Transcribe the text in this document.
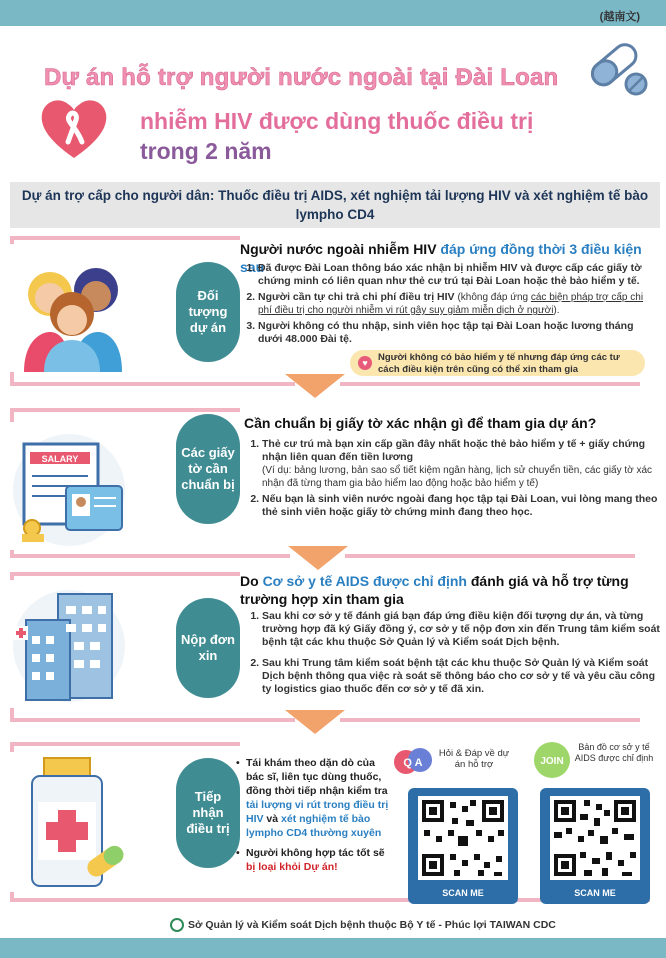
(越南文)
Dự án hỗ trợ người nước ngoài tại Đài Loan
nhiễm HIV được dùng thuốc điều trị
trong 2 năm
Dự án trợ cấp cho người dân: Thuốc điều trị AIDS, xét nghiệm tải lượng HIV và xét nghiệm tế bào lympho CD4
Đối tượng dự án
Người nước ngoài nhiễm HIV đáp ứng đồng thời 3 điều kiện sau
1. Đã được Đài Loan thông báo xác nhận bị nhiễm HIV và được cấp các giấy tờ chứng minh có liên quan như thẻ cư trú tại Đài Loan hoặc thẻ bảo hiểm y tế.
2. Người cần tự chi trả chi phí điều trị HIV (không đáp ứng các biện pháp trợ cấp chi phí điều trị cho người nhiễm vi rút gây suy giảm miễn dịch ở người).
3. Người không có thu nhập, sinh viên học tập tại Đài Loan hoặc lương tháng dưới 48.000 Đài tệ.
♥	Người không có bảo hiểm y tế nhưng đáp ứng các tư cách điều kiện trên cũng có thể xin tham gia
SALARY	Các giấy tờ cần chuẩn bị
Cần chuẩn bị giấy tờ xác nhận gì để tham gia dự án?
1. Thẻ cư trú mà bạn xin cấp gần đây nhất hoặc thẻ bảo hiểm y tế + giấy chứng nhận liên quan đến tiền lương
(Ví dụ: bảng lương, bản sao sổ tiết kiệm ngân hàng, lịch sử chuyển tiền, các giấy tờ xác nhận đã từng tham gia bảo hiểm lao động hoặc bảo hiểm y tế)
2. Nếu bạn là sinh viên nước ngoài đang học tập tại Đài Loan, vui lòng mang theo thẻ sinh viên hoặc giấy tờ chứng minh đang theo học.
Nộp đơn xin
Do Cơ sở y tế AIDS được chỉ định đánh giá và hỗ trợ từng trường hợp xin tham gia
1. Sau khi cơ sở y tế đánh giá bạn đáp ứng điều kiện đối tượng dự án, và từng trường hợp đã ký Giấy đồng ý, cơ sở y tế nộp đơn xin đến Trung tâm kiểm soát bệnh tật các khu thuộc Sở Quản lý và Kiểm soát Dịch bệnh.
2. Sau khi Trung tâm kiểm soát bệnh tật các khu thuộc Sở Quản lý và Kiểm soát Dịch bệnh thông qua việc rà soát sẽ thông báo cho cơ sở y tế và yêu cầu công ty logistics giao thuốc đến cơ sở y tế đã xin.
Tiếp nhận điều trị
• Tái khám theo dặn dò của bác sĩ, liên tục dùng thuốc, đồng thời tiếp nhận kiểm tra tải lượng vi rút trong điều trị HIV và xét nghiệm tế bào lympho CD4 thường xuyên
• Người không hợp tác tốt sẽ bị loại khỏi Dự án!
Q A
Hỏi & Đáp về dự án hỗ trợ	JOIN
Bản đồ cơ sở y tế AIDS được chỉ định
SCAN ME	SCAN ME
Sở Quản lý và Kiểm soát Dịch bệnh thuộc Bộ Y tế - Phúc lợi TAIWAN CDC
